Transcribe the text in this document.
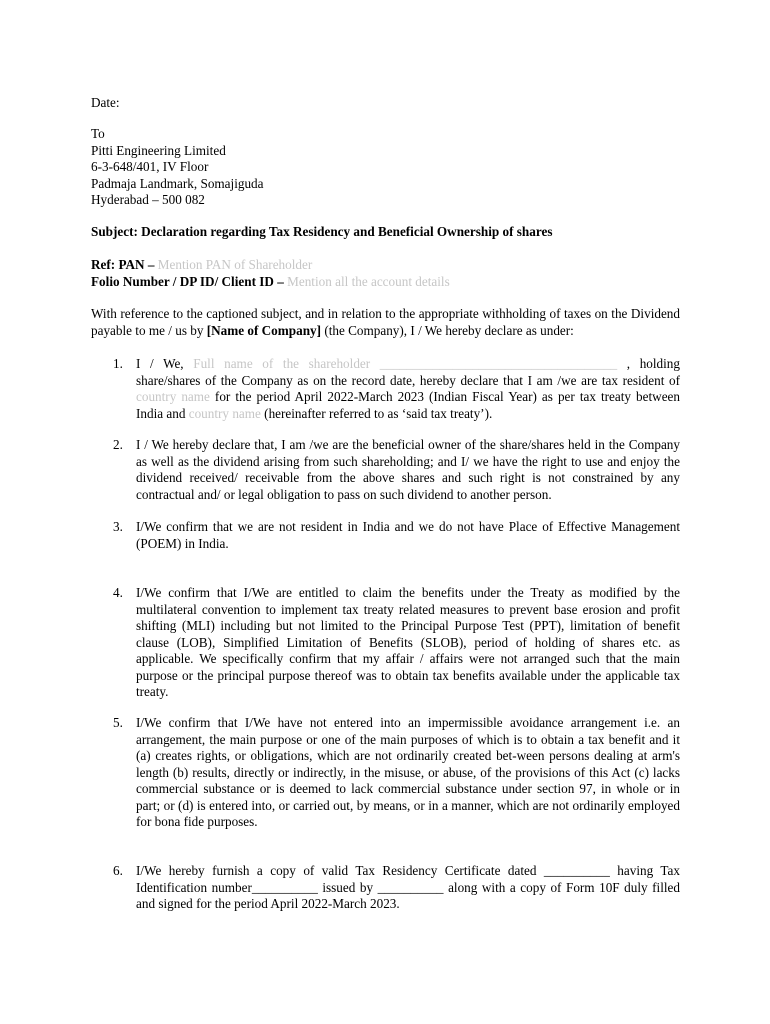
Date:
To
Pitti Engineering Limited
6-3-648/401, IV Floor
Padmaja Landmark, Somajiguda
Hyderabad – 500 082
Subject: Declaration regarding Tax Residency and Beneficial Ownership of shares
Ref: PAN – Mention PAN of Shareholder
Folio Number / DP ID/ Client ID – Mention all the account details
With reference to the captioned subject, and in relation to the appropriate withholding of taxes on the Dividend payable to me / us by [Name of Company] (the Company), I / We hereby declare as under:
1. I / We, Full name of the shareholder ____________________________________ , holding share/shares of the Company as on the record date, hereby declare that I am /we are tax resident of country name for the period April 2022-March 2023 (Indian Fiscal Year) as per tax treaty between India and country name (hereinafter referred to as ‘said tax treaty’).
2. I / We hereby declare that, I am /we are the beneficial owner of the share/shares held in the Company as well as the dividend arising from such shareholding; and I/ we have the right to use and enjoy the dividend received/ receivable from the above shares and such right is not constrained by any contractual and/ or legal obligation to pass on such dividend to another person.
3. I/We confirm that we are not resident in India and we do not have Place of Effective Management (POEM) in India.
4. I/We confirm that I/We are entitled to claim the benefits under the Treaty as modified by the multilateral convention to implement tax treaty related measures to prevent base erosion and profit shifting (MLI) including but not limited to the Principal Purpose Test (PPT), limitation of benefit clause (LOB), Simplified Limitation of Benefits (SLOB), period of holding of shares etc. as applicable. We specifically confirm that my affair / affairs were not arranged such that the main purpose or the principal purpose thereof was to obtain tax benefits available under the applicable tax treaty.
5. I/We confirm that I/We have not entered into an impermissible avoidance arrangement i.e. an arrangement, the main purpose or one of the main purposes of which is to obtain a tax benefit and it (a) creates rights, or obligations, which are not ordinarily created bet-ween persons dealing at arm's length (b) results, directly or indirectly, in the misuse, or abuse, of the provisions of this Act (c) lacks commercial substance or is deemed to lack commercial substance under section 97, in whole or in part; or (d) is entered into, or carried out, by means, or in a manner, which are not ordinarily employed for bona fide purposes.
6. I/We hereby furnish a copy of valid Tax Residency Certificate dated __________ having Tax Identification number__________ issued by __________ along with a copy of Form 10F duly filled and signed for the period April 2022-March 2023.
